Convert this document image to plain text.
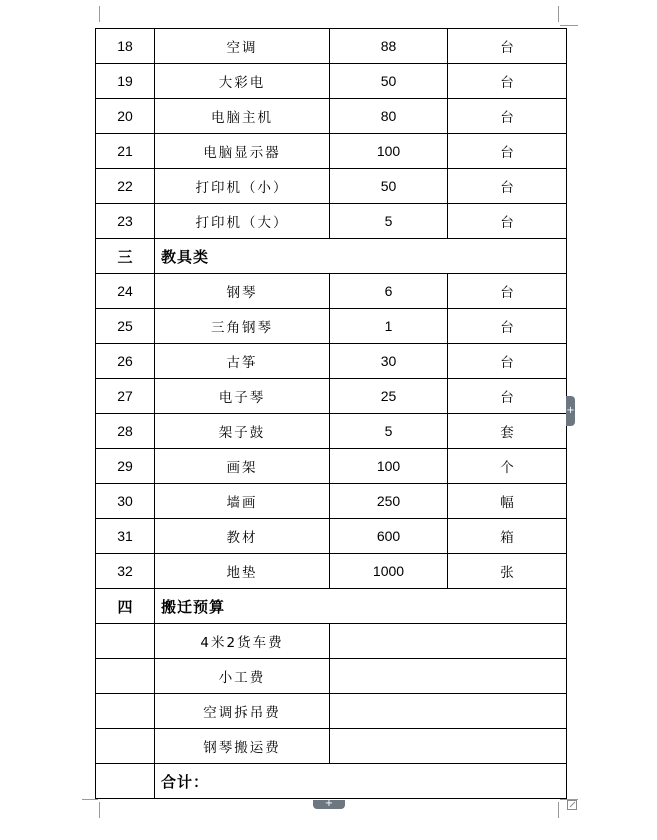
18	空调	88	台
19	大彩电	50	台
20	电脑主机	80	台
21	电脑显示器	100	台
22	打印机（小）	50	台
23	打印机（大）	5	台
三	教具类		
24	钢琴	6	台
25	三角钢琴	1	台
26	古筝	30	台
27	电子琴	25	台
28	架子鼓	5	套
29	画架	100	个
30	墙画	250	幅
31	教材	600	箱
32	地垫	1000	张
四	搬迁预算		
	4米2货车费		
	小工费		
	空调拆吊费		
	钢琴搬运费		
	合计：		
+
+
